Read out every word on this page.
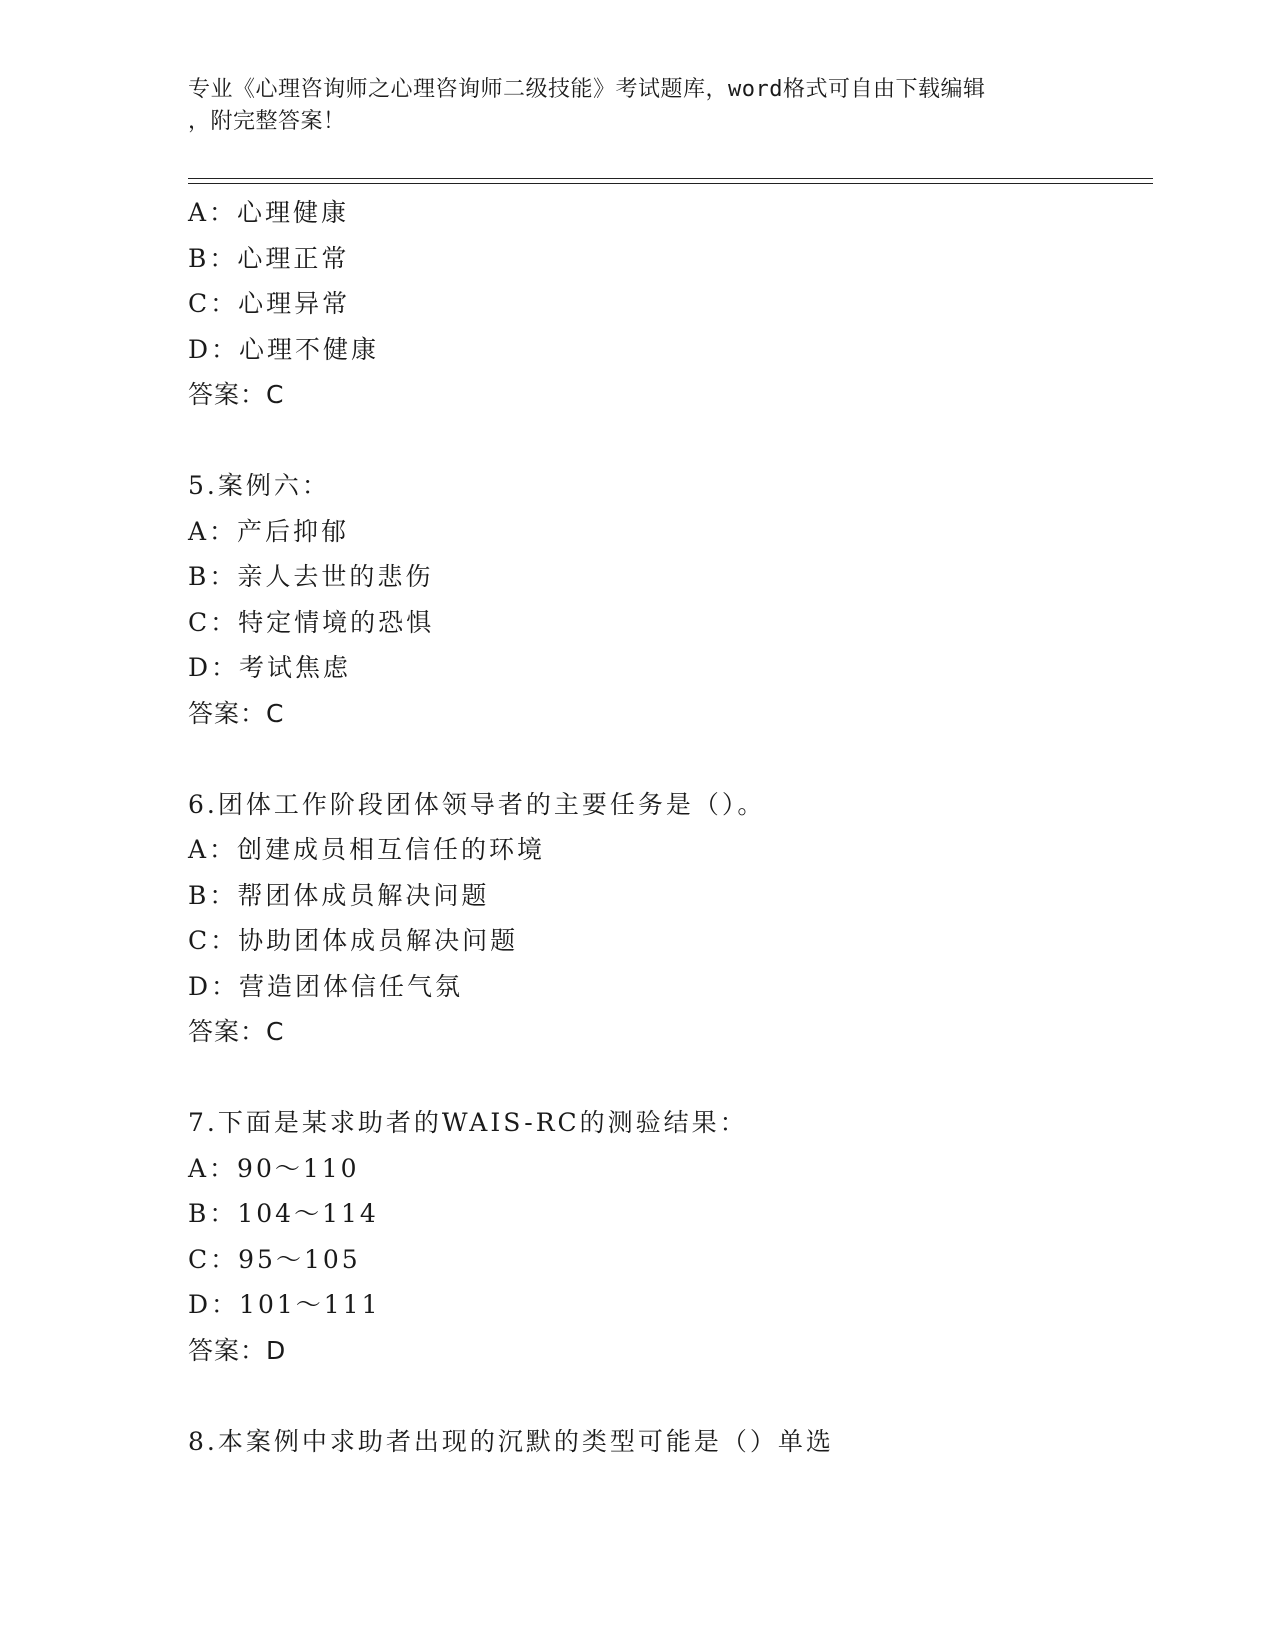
专业《心理咨询师之心理咨询师二级技能》考试题库，word格式可自由下载编辑
，附完整答案！
A：心理健康
B：心理正常
C：心理异常
D：心理不健康
答案：C
5.案例六：
A：产后抑郁
B：亲人去世的悲伤
C：特定情境的恐惧
D：考试焦虑
答案：C
6.团体工作阶段团体领导者的主要任务是（）。
A：创建成员相互信任的环境
B：帮团体成员解决问题
C：协助团体成员解决问题
D：营造团体信任气氛
答案：C
7.下面是某求助者的WAIS-RC的测验结果：
A：90～110
B：104～114
C：95～105
D：101～111
答案：D
8.本案例中求助者出现的沉默的类型可能是（）单选
